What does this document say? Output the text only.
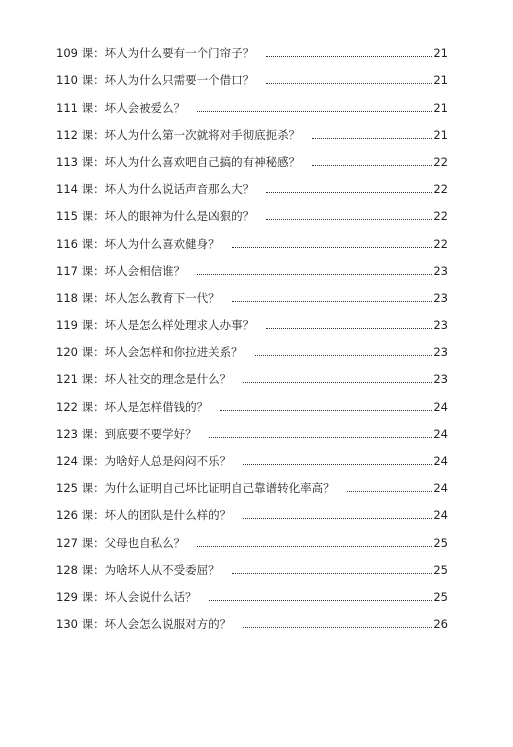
109 课：坏人为什么要有一个门帘子？	21
110 课：坏人为什么只需要一个借口？	21
111 课：坏人会被爱么？	21
112 课：坏人为什么第一次就将对手彻底扼杀？	21
113 课：坏人为什么喜欢吧自己搞的有神秘感？	22
114 课：坏人为什么说话声音那么大？	22
115 课：坏人的眼神为什么是凶狠的？	22
116 课：坏人为什么喜欢健身？	22
117 课：坏人会相信谁？	23
118 课：坏人怎么教育下一代？	23
119 课：坏人是怎么样处理求人办事？	23
120 课：坏人会怎样和你拉进关系？	23
121 课：坏人社交的理念是什么？	23
122 课：坏人是怎样借钱的？	24
123 课：到底要不要学好？	24
124 课：为啥好人总是闷闷不乐？	24
125 课：为什么证明自己坏比证明自己靠谱转化率高？	24
126 课：坏人的团队是什么样的？	24
127 课：父母也自私么？	25
128 课：为啥坏人从不受委屈？	25
129 课：坏人会说什么话？	25
130 课：坏人会怎么说服对方的？	26
